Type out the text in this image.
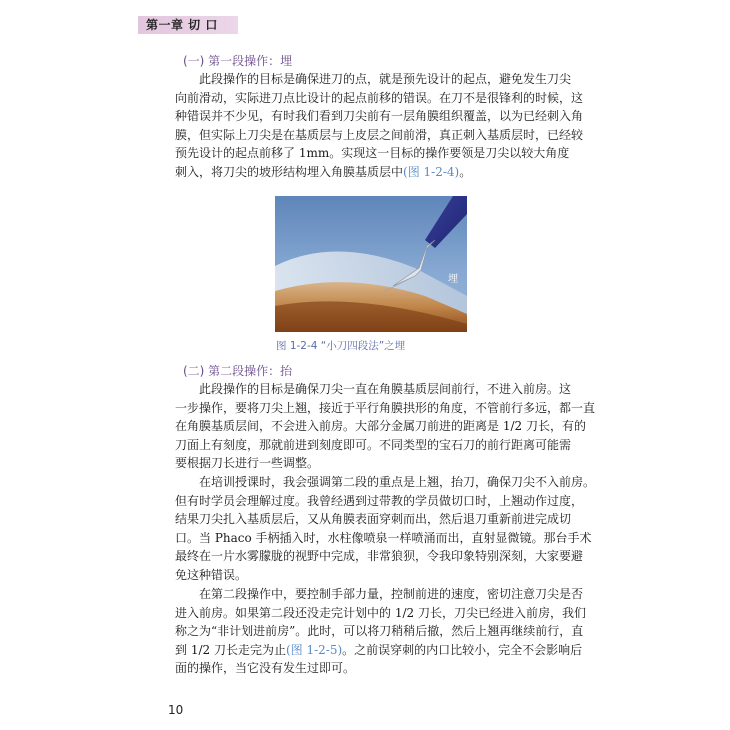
第一章 切 口
(一) 第一段操作：埋
此段操作的目标是确保进刀的点，就是预先设计的起点，避免发生刀尖
向前滑动，实际进刀点比设计的起点前移的错误。在刀不是很锋利的时候，这
种错误并不少见，有时我们看到刀尖前有一层角膜组织覆盖，以为已经刺入角
膜，但实际上刀尖是在基质层与上皮层之间前滑，真正刺入基质层时，已经较
预先设计的起点前移了 1mm。实现这一目标的操作要领是刀尖以较大角度
刺入，将刀尖的坡形结构埋入角膜基质层中(图 1-2-4)。
埋
图 1-2-4 “小刀四段法”之埋
(二) 第二段操作：抬
此段操作的目标是确保刀尖一直在角膜基质层间前行，不进入前房。这
一步操作，要将刀尖上翘，接近于平行角膜拱形的角度，不管前行多远，都一直
在角膜基质层间，不会进入前房。大部分金属刀前进的距离是 1/2 刀长，有的
刀面上有刻度，那就前进到刻度即可。不同类型的宝石刀的前行距离可能需
要根据刀长进行一些调整。
在培训授课时，我会强调第二段的重点是上翘，抬刀，确保刀尖不入前房。
但有时学员会理解过度。我曾经遇到过带教的学员做切口时，上翘动作过度，
结果刀尖扎入基质层后，又从角膜表面穿刺而出，然后退刀重新前进完成切
口。当 Phaco 手柄插入时，水柱像喷泉一样喷涌而出，直射显微镜。那台手术
最终在一片水雾朦胧的视野中完成，非常狼狈，令我印象特别深刻，大家要避
免这种错误。
在第二段操作中，要控制手部力量，控制前进的速度，密切注意刀尖是否
进入前房。如果第二段还没走完计划中的 1/2 刀长，刀尖已经进入前房，我们
称之为“非计划进前房”。此时，可以将刀稍稍后撤，然后上翘再继续前行，直
到 1/2 刀长走完为止(图 1-2-5)。之前误穿刺的内口比较小，完全不会影响后
面的操作，当它没有发生过即可。
10
